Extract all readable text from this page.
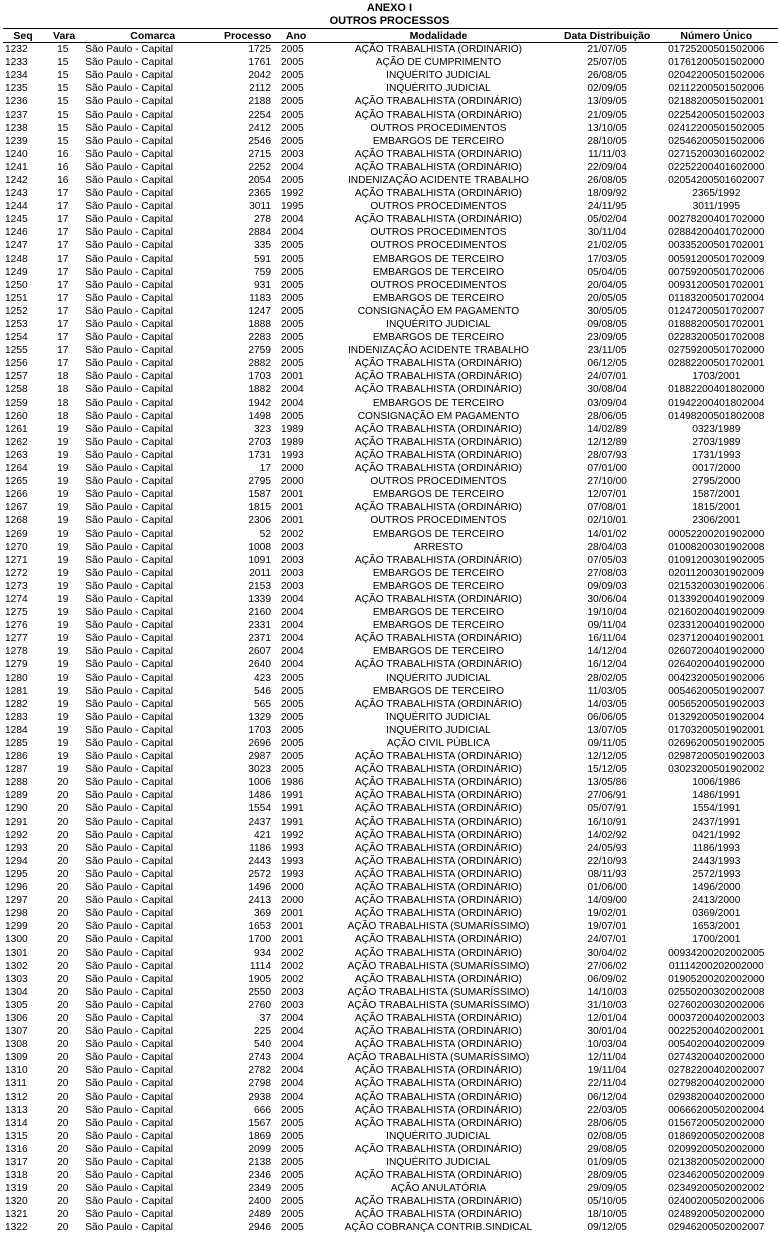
ANEXO I
OUTROS PROCESSOS
Seq	Vara	Comarca	Processo	Ano	Modalidade	Data Distribuição	Número Único
1232	15	São Paulo - Capital	1725	2005	AÇÃO TRABALHISTA (ORDINÁRIO)	21/07/05	01725200501502006
1233	15	São Paulo - Capital	1761	2005	AÇÃO DE CUMPRIMENTO	25/07/05	01761200501502000
1234	15	São Paulo - Capital	2042	2005	INQUÉRITO JUDICIAL	26/08/05	02042200501502006
1235	15	São Paulo - Capital	2112	2005	INQUÉRITO JUDICIAL	02/09/05	02112200501502006
1236	15	São Paulo - Capital	2188	2005	AÇÃO TRABALHISTA (ORDINÁRIO)	13/09/05	02188200501502001
1237	15	São Paulo - Capital	2254	2005	AÇÃO TRABALHISTA (ORDINÁRIO)	21/09/05	02254200501502003
1238	15	São Paulo - Capital	2412	2005	OUTROS PROCEDIMENTOS	13/10/05	02412200501502005
1239	15	São Paulo - Capital	2546	2005	EMBARGOS DE TERCEIRO	28/10/05	02546200501502006
1240	16	São Paulo - Capital	2715	2003	AÇÃO TRABALHISTA (ORDINÁRIO)	11/11/03	02715200301602002
1241	16	São Paulo - Capital	2252	2004	AÇÃO TRABALHISTA (ORDINÁRIO)	22/09/04	02252200401602000
1242	16	São Paulo - Capital	2054	2005	INDENIZAÇÃO ACIDENTE TRABALHO	26/08/05	02054200501602007
1243	17	São Paulo - Capital	2365	1992	AÇÃO TRABALHISTA (ORDINÁRIO)	18/09/92	2365/1992
1244	17	São Paulo - Capital	3011	1995	OUTROS PROCEDIMENTOS	24/11/95	3011/1995
1245	17	São Paulo - Capital	278	2004	AÇÃO TRABALHISTA (ORDINÁRIO)	05/02/04	00278200401702000
1246	17	São Paulo - Capital	2884	2004	OUTROS PROCEDIMENTOS	30/11/04	02884200401702000
1247	17	São Paulo - Capital	335	2005	OUTROS PROCEDIMENTOS	21/02/05	00335200501702001
1248	17	São Paulo - Capital	591	2005	EMBARGOS DE TERCEIRO	17/03/05	00591200501702009
1249	17	São Paulo - Capital	759	2005	EMBARGOS DE TERCEIRO	05/04/05	00759200501702006
1250	17	São Paulo - Capital	931	2005	OUTROS PROCEDIMENTOS	20/04/05	00931200501702001
1251	17	São Paulo - Capital	1183	2005	EMBARGOS DE TERCEIRO	20/05/05	01183200501702004
1252	17	São Paulo - Capital	1247	2005	CONSIGNAÇÃO EM PAGAMENTO	30/05/05	01247200501702007
1253	17	São Paulo - Capital	1888	2005	INQUÉRITO JUDICIAL	09/08/05	01888200501702001
1254	17	São Paulo - Capital	2283	2005	EMBARGOS DE TERCEIRO	23/09/05	02283200501702008
1255	17	São Paulo - Capital	2759	2005	INDENIZAÇÃO ACIDENTE TRABALHO	23/11/05	02759200501702000
1256	17	São Paulo - Capital	2882	2005	AÇÃO TRABALHISTA (ORDINÁRIO)	06/12/05	02882200501702001
1257	18	São Paulo - Capital	1703	2001	AÇÃO TRABALHISTA (ORDINÁRIO)	24/07/01	1703/2001
1258	18	São Paulo - Capital	1882	2004	AÇÃO TRABALHISTA (ORDINÁRIO)	30/08/04	01882200401802000
1259	18	São Paulo - Capital	1942	2004	EMBARGOS DE TERCEIRO	03/09/04	01942200401802004
1260	18	São Paulo - Capital	1498	2005	CONSIGNAÇÃO EM PAGAMENTO	28/06/05	01498200501802008
1261	19	São Paulo - Capital	323	1989	AÇÃO TRABALHISTA (ORDINÁRIO)	14/02/89	0323/1989
1262	19	São Paulo - Capital	2703	1989	AÇÃO TRABALHISTA (ORDINÁRIO)	12/12/89	2703/1989
1263	19	São Paulo - Capital	1731	1993	AÇÃO TRABALHISTA (ORDINÁRIO)	28/07/93	1731/1993
1264	19	São Paulo - Capital	17	2000	AÇÃO TRABALHISTA (ORDINÁRIO)	07/01/00	0017/2000
1265	19	São Paulo - Capital	2795	2000	OUTROS PROCEDIMENTOS	27/10/00	2795/2000
1266	19	São Paulo - Capital	1587	2001	EMBARGOS DE TERCEIRO	12/07/01	1587/2001
1267	19	São Paulo - Capital	1815	2001	AÇÃO TRABALHISTA (ORDINÁRIO)	07/08/01	1815/2001
1268	19	São Paulo - Capital	2306	2001	OUTROS PROCEDIMENTOS	02/10/01	2306/2001
1269	19	São Paulo - Capital	52	2002	EMBARGOS DE TERCEIRO	14/01/02	00052200201902000
1270	19	São Paulo - Capital	1008	2003	ARRESTO	28/04/03	01008200301902008
1271	19	São Paulo - Capital	1091	2003	AÇÃO TRABALHISTA (ORDINÁRIO)	07/05/03	01091200301902005
1272	19	São Paulo - Capital	2011	2003	EMBARGOS DE TERCEIRO	27/08/03	02011200301902009
1273	19	São Paulo - Capital	2153	2003	EMBARGOS DE TERCEIRO	09/09/03	02153200301902006
1274	19	São Paulo - Capital	1339	2004	AÇÃO TRABALHISTA (ORDINÁRIO)	30/06/04	01339200401902009
1275	19	São Paulo - Capital	2160	2004	EMBARGOS DE TERCEIRO	19/10/04	02160200401902009
1276	19	São Paulo - Capital	2331	2004	EMBARGOS DE TERCEIRO	09/11/04	02331200401902000
1277	19	São Paulo - Capital	2371	2004	AÇÃO TRABALHISTA (ORDINÁRIO)	16/11/04	02371200401902001
1278	19	São Paulo - Capital	2607	2004	EMBARGOS DE TERCEIRO	14/12/04	02607200401902000
1279	19	São Paulo - Capital	2640	2004	AÇÃO TRABALHISTA (ORDINÁRIO)	16/12/04	02640200401902000
1280	19	São Paulo - Capital	423	2005	INQUÉRITO JUDICIAL	28/02/05	00423200501902006
1281	19	São Paulo - Capital	546	2005	EMBARGOS DE TERCEIRO	11/03/05	00546200501902007
1282	19	São Paulo - Capital	565	2005	AÇÃO TRABALHISTA (ORDINÁRIO)	14/03/05	00565200501902003
1283	19	São Paulo - Capital	1329	2005	INQUÉRITO JUDICIAL	06/06/05	01329200501902004
1284	19	São Paulo - Capital	1703	2005	INQUÉRITO JUDICIAL	13/07/05	01703200501902001
1285	19	São Paulo - Capital	2696	2005	AÇÃO CIVIL PÚBLICA	09/11/05	02696200501902005
1286	19	São Paulo - Capital	2987	2005	AÇÃO TRABALHISTA (ORDINÁRIO)	12/12/05	02987200501902003
1287	19	São Paulo - Capital	3023	2005	AÇÃO TRABALHISTA (ORDINÁRIO)	15/12/05	03023200501902002
1288	20	São Paulo - Capital	1006	1986	AÇÃO TRABALHISTA (ORDINÁRIO)	13/05/86	1006/1986
1289	20	São Paulo - Capital	1486	1991	AÇÃO TRABALHISTA (ORDINÁRIO)	27/06/91	1486/1991
1290	20	São Paulo - Capital	1554	1991	AÇÃO TRABALHISTA (ORDINÁRIO)	05/07/91	1554/1991
1291	20	São Paulo - Capital	2437	1991	AÇÃO TRABALHISTA (ORDINÁRIO)	16/10/91	2437/1991
1292	20	São Paulo - Capital	421	1992	AÇÃO TRABALHISTA (ORDINÁRIO)	14/02/92	0421/1992
1293	20	São Paulo - Capital	1186	1993	AÇÃO TRABALHISTA (ORDINÁRIO)	24/05/93	1186/1993
1294	20	São Paulo - Capital	2443	1993	AÇÃO TRABALHISTA (ORDINÁRIO)	22/10/93	2443/1993
1295	20	São Paulo - Capital	2572	1993	AÇÃO TRABALHISTA (ORDINÁRIO)	08/11/93	2572/1993
1296	20	São Paulo - Capital	1496	2000	AÇÃO TRABALHISTA (ORDINÁRIO)	01/06/00	1496/2000
1297	20	São Paulo - Capital	2413	2000	AÇÃO TRABALHISTA (ORDINÁRIO)	14/09/00	2413/2000
1298	20	São Paulo - Capital	369	2001	AÇÃO TRABALHISTA (ORDINÁRIO)	19/02/01	0369/2001
1299	20	São Paulo - Capital	1653	2001	AÇÃO TRABALHISTA (SUMARÍSSIMO)	19/07/01	1653/2001
1300	20	São Paulo - Capital	1700	2001	AÇÃO TRABALHISTA (ORDINÁRIO)	24/07/01	1700/2001
1301	20	São Paulo - Capital	934	2002	AÇÃO TRABALHISTA (ORDINÁRIO)	30/04/02	00934200202002005
1302	20	São Paulo - Capital	1114	2002	AÇÃO TRABALHISTA (SUMARÍSSIMO)	27/06/02	01114200202002000
1303	20	São Paulo - Capital	1905	2002	AÇÃO TRABALHISTA (ORDINÁRIO)	06/09/02	01905200202002000
1304	20	São Paulo - Capital	2550	2003	AÇÃO TRABALHISTA (SUMARÍSSIMO)	14/10/03	02550200302002008
1305	20	São Paulo - Capital	2760	2003	AÇÃO TRABALHISTA (SUMARÍSSIMO)	31/10/03	02760200302002006
1306	20	São Paulo - Capital	37	2004	AÇÃO TRABALHISTA (ORDINÁRIO)	12/01/04	00037200402002003
1307	20	São Paulo - Capital	225	2004	AÇÃO TRABALHISTA (ORDINÁRIO)	30/01/04	00225200402002001
1308	20	São Paulo - Capital	540	2004	AÇÃO TRABALHISTA (ORDINÁRIO)	10/03/04	00540200402002009
1309	20	São Paulo - Capital	2743	2004	AÇÃO TRABALHISTA (SUMARÍSSIMO)	12/11/04	02743200402002000
1310	20	São Paulo - Capital	2782	2004	AÇÃO TRABALHISTA (ORDINÁRIO)	19/11/04	02782200402002007
1311	20	São Paulo - Capital	2798	2004	AÇÃO TRABALHISTA (ORDINÁRIO)	22/11/04	02798200402002000
1312	20	São Paulo - Capital	2938	2004	AÇÃO TRABALHISTA (ORDINÁRIO)	06/12/04	02938200402002000
1313	20	São Paulo - Capital	666	2005	AÇÃO TRABALHISTA (ORDINÁRIO)	22/03/05	00666200502002004
1314	20	São Paulo - Capital	1567	2005	AÇÃO TRABALHISTA (ORDINÁRIO)	28/06/05	01567200502002000
1315	20	São Paulo - Capital	1869	2005	INQUÉRITO JUDICIAL	02/08/05	01869200502002008
1316	20	São Paulo - Capital	2099	2005	AÇÃO TRABALHISTA (ORDINÁRIO)	29/08/05	02099200502002000
1317	20	São Paulo - Capital	2138	2005	INQUÉRITO JUDICIAL	01/09/05	02138200502002000
1318	20	São Paulo - Capital	2346	2005	AÇÃO TRABALHISTA (ORDINÁRIO)	28/09/05	02346200502002009
1319	20	São Paulo - Capital	2349	2005	AÇÃO ANULATÓRIA	29/09/05	02349200502002002
1320	20	São Paulo - Capital	2400	2005	AÇÃO TRABALHISTA (ORDINÁRIO)	05/10/05	02400200502002006
1321	20	São Paulo - Capital	2489	2005	AÇÃO TRABALHISTA (ORDINÁRIO)	18/10/05	02489200502002000
1322	20	São Paulo - Capital	2946	2005	AÇÃO COBRANÇA CONTRIB.SINDICAL	09/12/05	02946200502002007
